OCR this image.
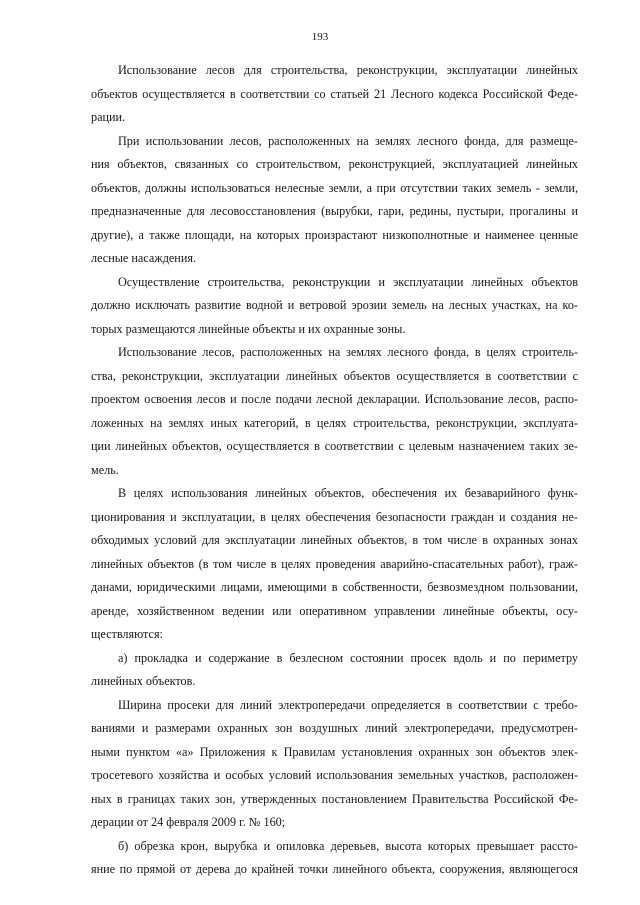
193
Использование лесов для строительства, реконструкции, эксплуатации линейных
объектов осуществляется в соответствии со статьей 21 Лесного кодекса Российской Феде-
рации.
При использовании лесов, расположенных на землях лесного фонда, для размеще-
ния объектов, связанных со строительством, реконструкцией, эксплуатацией линейных
объектов, должны использоваться нелесные земли, а при отсутствии таких земель - земли,
предназначенные для лесовосстановления (вырубки, гари, редины, пустыри, прогалины и
другие), а также площади, на которых произрастают низкополнотные и наименее ценные
лесные насаждения.
Осуществление строительства, реконструкции и эксплуатации линейных объектов
должно исключать развитие водной и ветровой эрозии земель на лесных участках, на ко-
торых размещаются линейные объекты и их охранные зоны.
Использование лесов, расположенных на землях лесного фонда, в целях строитель-
ства, реконструкции, эксплуатации линейных объектов осуществляется в соответствии с
проектом освоения лесов и после подачи лесной декларации. Использование лесов, распо-
ложенных на землях иных категорий, в целях строительства, реконструкции, эксплуата-
ции линейных объектов, осуществляется в соответствии с целевым назначением таких зе-
мель.
В целях использования линейных объектов, обеспечения их безаварийного функ-
ционирования и эксплуатации, в целях обеспечения безопасности граждан и создания не-
обходимых условий для эксплуатации линейных объектов, в том числе в охранных зонах
линейных объектов (в том числе в целях проведения аварийно-спасательных работ), граж-
данами, юридическими лицами, имеющими в собственности, безвозмездном пользовании,
аренде, хозяйственном ведении или оперативном управлении линейные объекты, осу-
ществляются:
а) прокладка и содержание в безлесном состоянии просек вдоль и по периметру
линейных объектов.
Ширина просеки для линий электропередачи определяется в соответствии с требо-
ваниями и размерами охранных зон воздушных линий электропередачи, предусмотрен-
ными пунктом «а» Приложения к Правилам установления охранных зон объектов элек-
тросетевого хозяйства и особых условий использования земельных участков, расположен-
ных в границах таких зон, утвержденных постановлением Правительства Российской Фе-
дерации от 24 февраля 2009 г. № 160;
б) обрезка крон, вырубка и опиловка деревьев, высота которых превышает рассто-
яние по прямой от дерева до крайней точки линейного объекта, сооружения, являющегося
